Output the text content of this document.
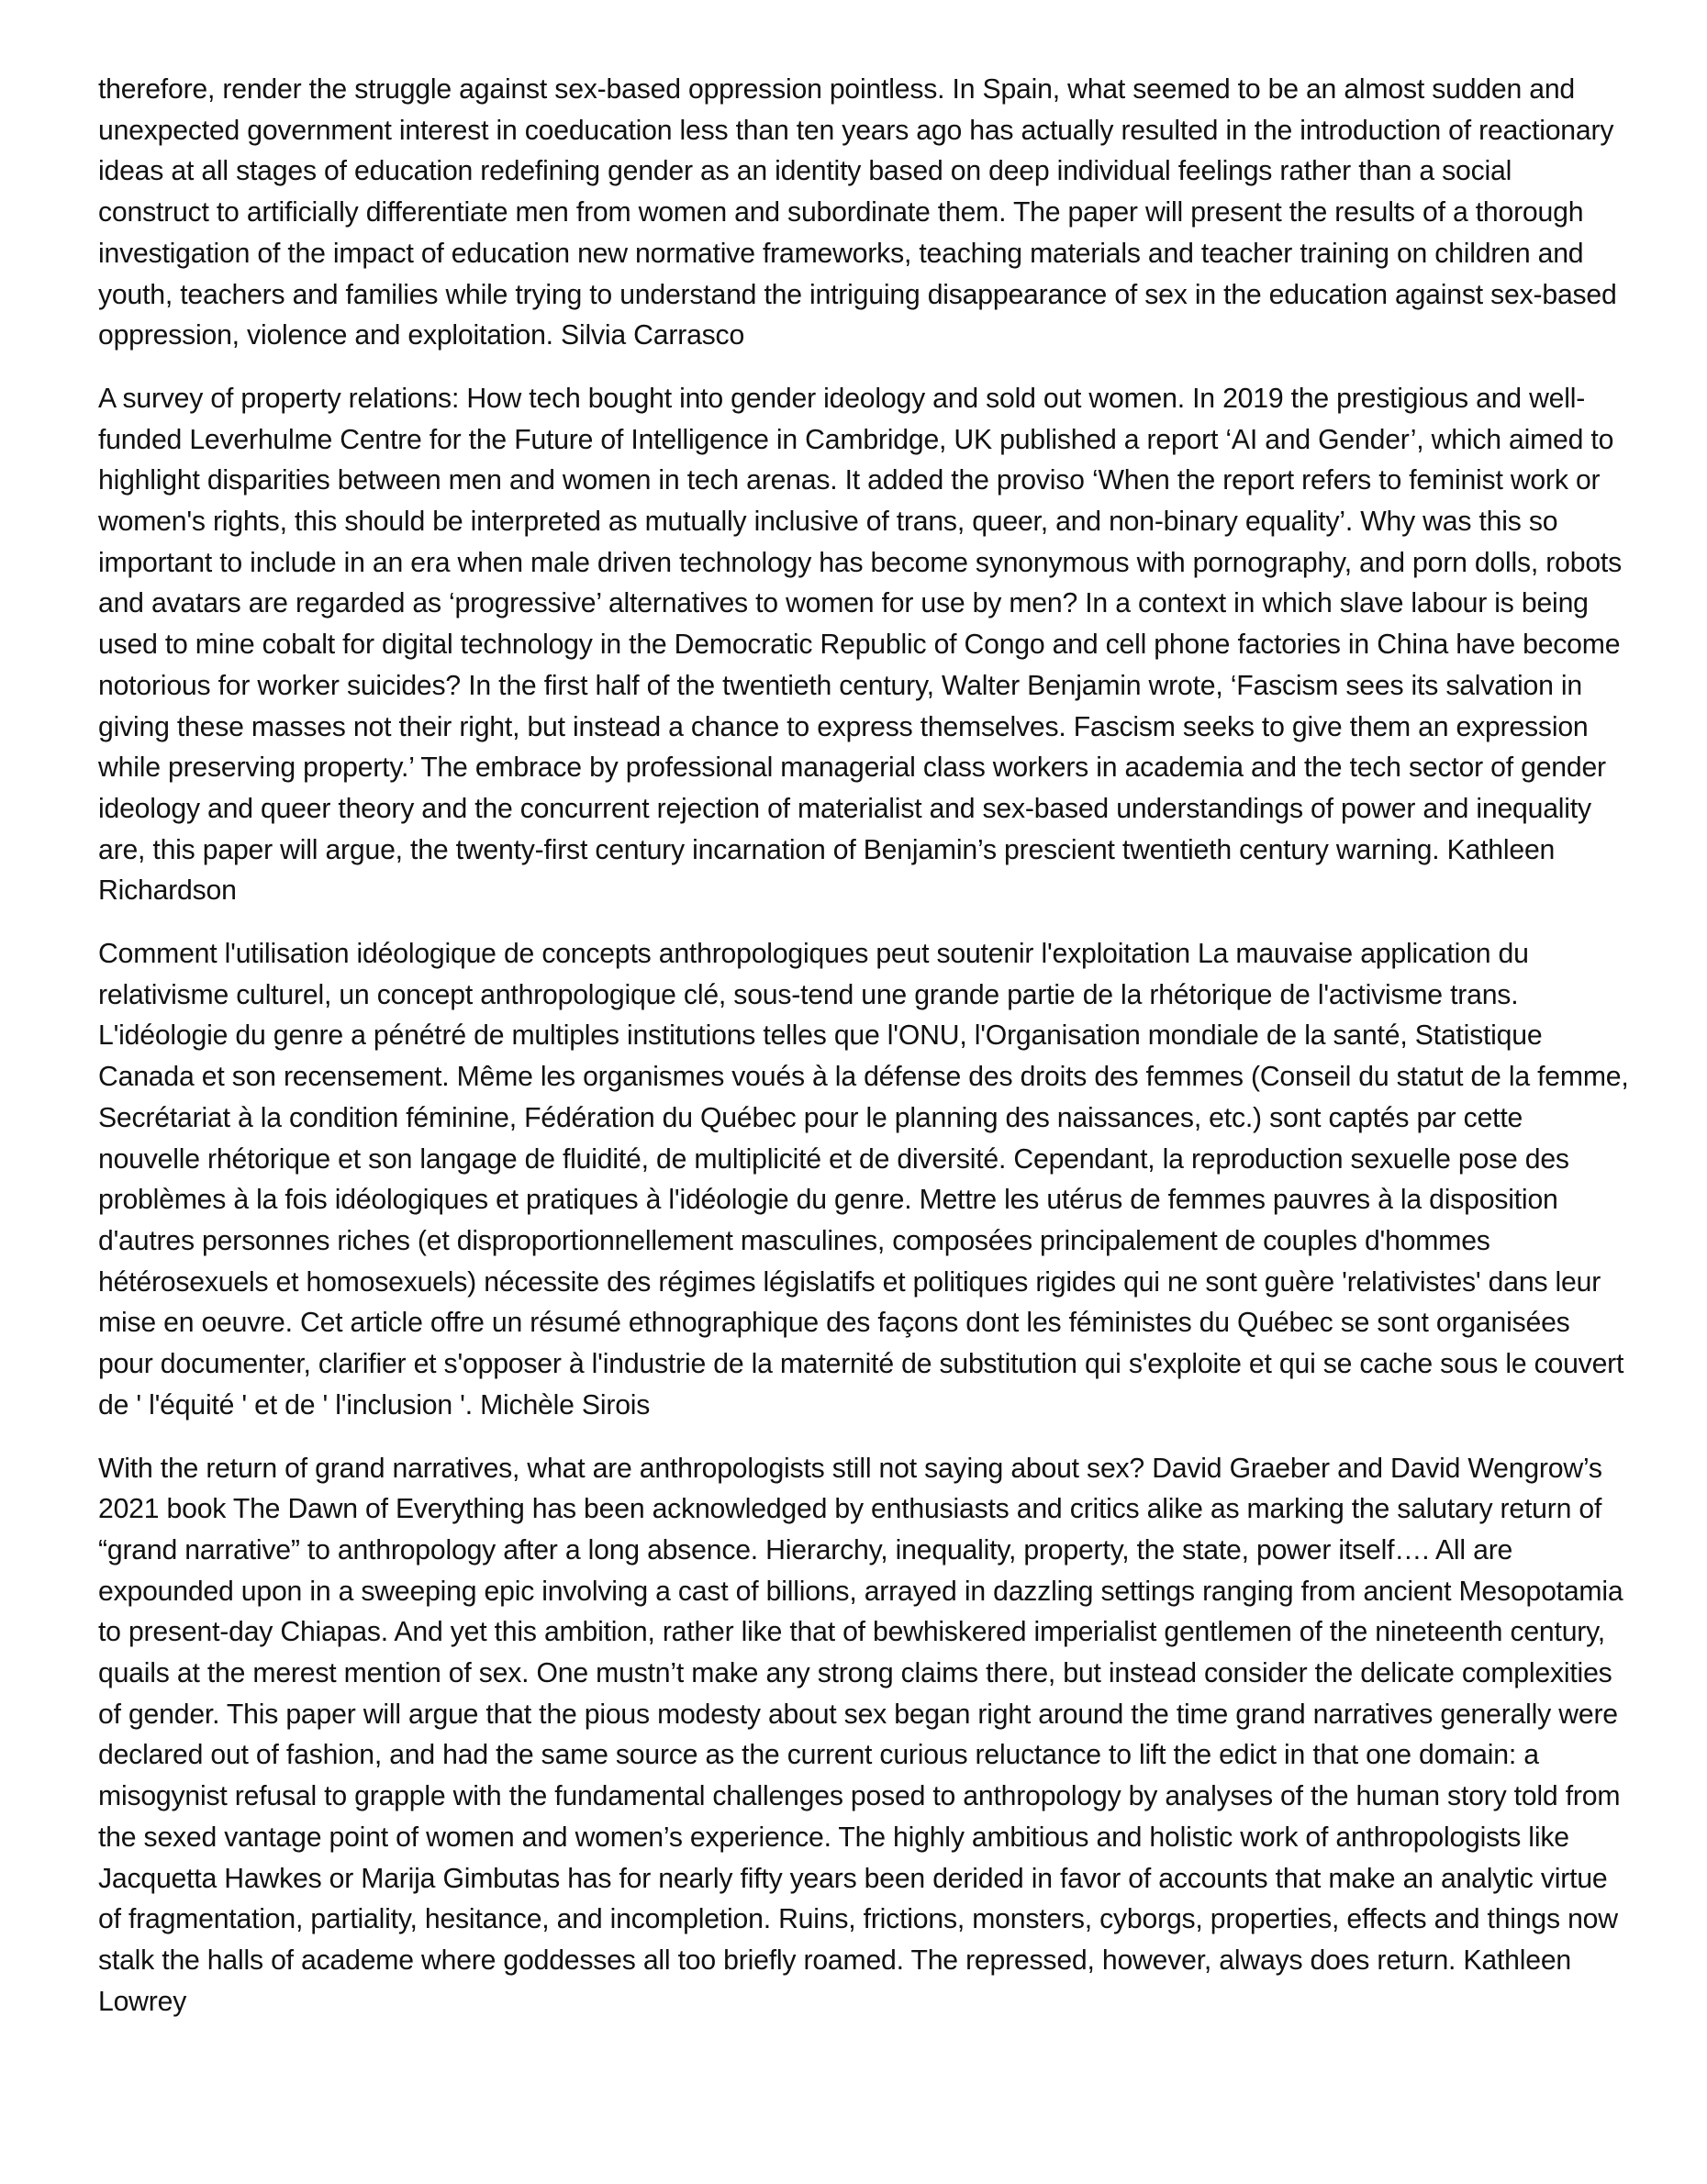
therefore, render the struggle against sex-based oppression pointless. In Spain, what seemed to be an almost sudden and unexpected government interest in coeducation less than ten years ago has actually resulted in the introduction of reactionary ideas at all stages of education redefining gender as an identity based on deep individual feelings rather than a social construct to artificially differentiate men from women and subordinate them. The paper will present the results of a thorough investigation of the impact of education new normative frameworks, teaching materials and teacher training on children and youth, teachers and families while trying to understand the intriguing disappearance of sex in the education against sex-based oppression, violence and exploitation. Silvia Carrasco

A survey of property relations: How tech bought into gender ideology and sold out women. In 2019 the prestigious and well-funded Leverhulme Centre for the Future of Intelligence in Cambridge, UK published a report ‘AI and Gender’, which aimed to highlight disparities between men and women in tech arenas. It added the proviso ‘When the report refers to feminist work or women's rights, this should be interpreted as mutually inclusive of trans, queer, and non-binary equality’. Why was this so important to include in an era when male driven technology has become synonymous with pornography, and porn dolls, robots and avatars are regarded as ‘progressive’ alternatives to women for use by men? In a context in which slave labour is being used to mine cobalt for digital technology in the Democratic Republic of Congo and cell phone factories in China have become notorious for worker suicides? In the first half of the twentieth century, Walter Benjamin wrote, ‘Fascism sees its salvation in giving these masses not their right, but instead a chance to express themselves. Fascism seeks to give them an expression while preserving property.’ The embrace by professional managerial class workers in academia and the tech sector of gender ideology and queer theory and the concurrent rejection of materialist and sex-based understandings of power and inequality are, this paper will argue, the twenty-first century incarnation of Benjamin’s prescient twentieth century warning. Kathleen Richardson

Comment l'utilisation idéologique de concepts anthropologiques peut soutenir l'exploitation La mauvaise application du relativisme culturel, un concept anthropologique clé, sous-tend une grande partie de la rhétorique de l'activisme trans. L'idéologie du genre a pénétré de multiples institutions telles que l'ONU, l'Organisation mondiale de la santé, Statistique Canada et son recensement. Même les organismes voués à la défense des droits des femmes (Conseil du statut de la femme, Secrétariat à la condition féminine, Fédération du Québec pour le planning des naissances, etc.) sont captés par cette nouvelle rhétorique et son langage de fluidité, de multiplicité et de diversité. Cependant, la reproduction sexuelle pose des problèmes à la fois idéologiques et pratiques à l'idéologie du genre. Mettre les utérus de femmes pauvres à la disposition d'autres personnes riches (et disproportionnellement masculines, composées principalement de couples d'hommes hétérosexuels et homosexuels) nécessite des régimes législatifs et politiques rigides qui ne sont guère 'relativistes' dans leur mise en oeuvre. Cet article offre un résumé ethnographique des façons dont les féministes du Québec se sont organisées pour documenter, clarifier et s'opposer à l'industrie de la maternité de substitution qui s'exploite et qui se cache sous le couvert de ' l'équité ' et de ' l'inclusion '. Michèle Sirois

With the return of grand narratives, what are anthropologists still not saying about sex? David Graeber and David Wengrow’s 2021 book The Dawn of Everything has been acknowledged by enthusiasts and critics alike as marking the salutary return of “grand narrative” to anthropology after a long absence. Hierarchy, inequality, property, the state, power itself…. All are expounded upon in a sweeping epic involving a cast of billions, arrayed in dazzling settings ranging from ancient Mesopotamia to present-day Chiapas. And yet this ambition, rather like that of bewhiskered imperialist gentlemen of the nineteenth century, quails at the merest mention of sex. One mustn’t make any strong claims there, but instead consider the delicate complexities of gender. This paper will argue that the pious modesty about sex began right around the time grand narratives generally were declared out of fashion, and had the same source as the current curious reluctance to lift the edict in that one domain: a misogynist refusal to grapple with the fundamental challenges posed to anthropology by analyses of the human story told from the sexed vantage point of women and women’s experience. The highly ambitious and holistic work of anthropologists like Jacquetta Hawkes or Marija Gimbutas has for nearly fifty years been derided in favor of accounts that make an analytic virtue of fragmentation, partiality, hesitance, and incompletion. Ruins, frictions, monsters, cyborgs, properties, effects and things now stalk the halls of academe where goddesses all too briefly roamed. The repressed, however, always does return. Kathleen Lowrey
